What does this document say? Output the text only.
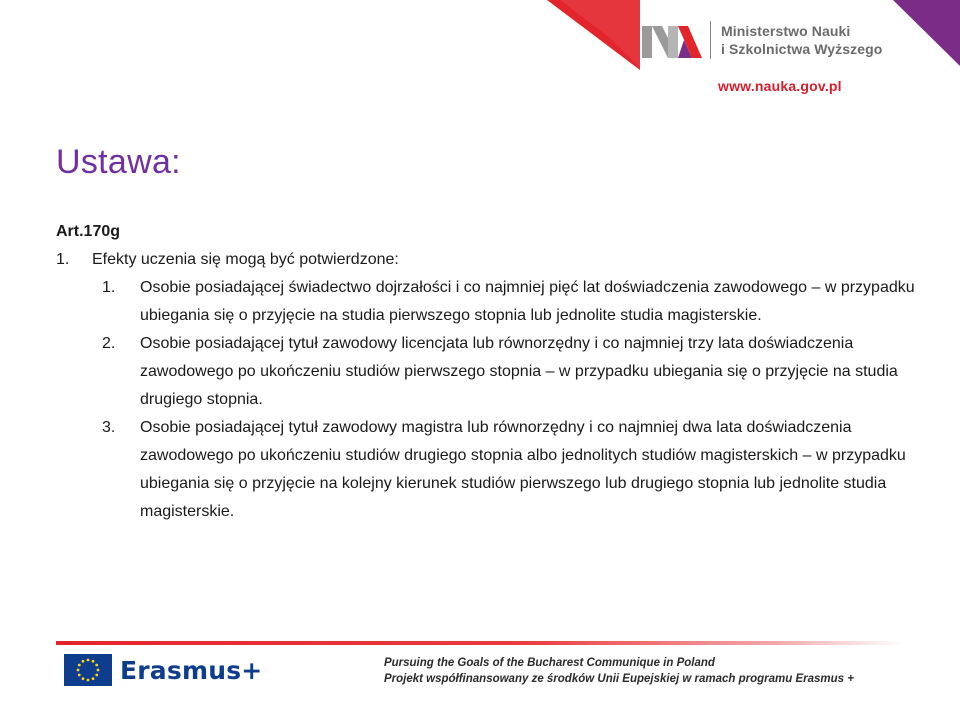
Ministerstwo Nauki
i Szkolnictwa Wyższego
www.nauka.gov.pl
Ustawa:

Art.170g

1.	Efekty uczenia się mogą być potwierdzone:

1.	Osobie posiadającej świadectwo dojrzałości i co najmniej pięć lat doświadczenia zawodowego – w przypadku ubiegania się o przyjęcie na studia pierwszego stopnia lub jednolite studia magisterskie.
2.	Osobie posiadającej tytuł zawodowy licencjata lub równorzędny i co najmniej trzy lata doświadczenia zawodowego po ukończeniu studiów pierwszego stopnia – w przypadku ubiegania się o przyjęcie na studia drugiego stopnia.
3.	Osobie posiadającej tytuł zawodowy magistra lub równorzędny i co najmniej dwa lata doświadczenia zawodowego po ukończeniu studiów drugiego stopnia albo jednolitych studiów magisterskich – w przypadku ubiegania się o przyjęcie na kolejny kierunek studiów pierwszego lub drugiego stopnia lub jednolite studia magisterskie.
Erasmus+	Pursuing the Goals of the Bucharest Communique in Poland
Projekt współfinansowany ze środków Unii Eupejskiej w ramach programu Erasmus +
